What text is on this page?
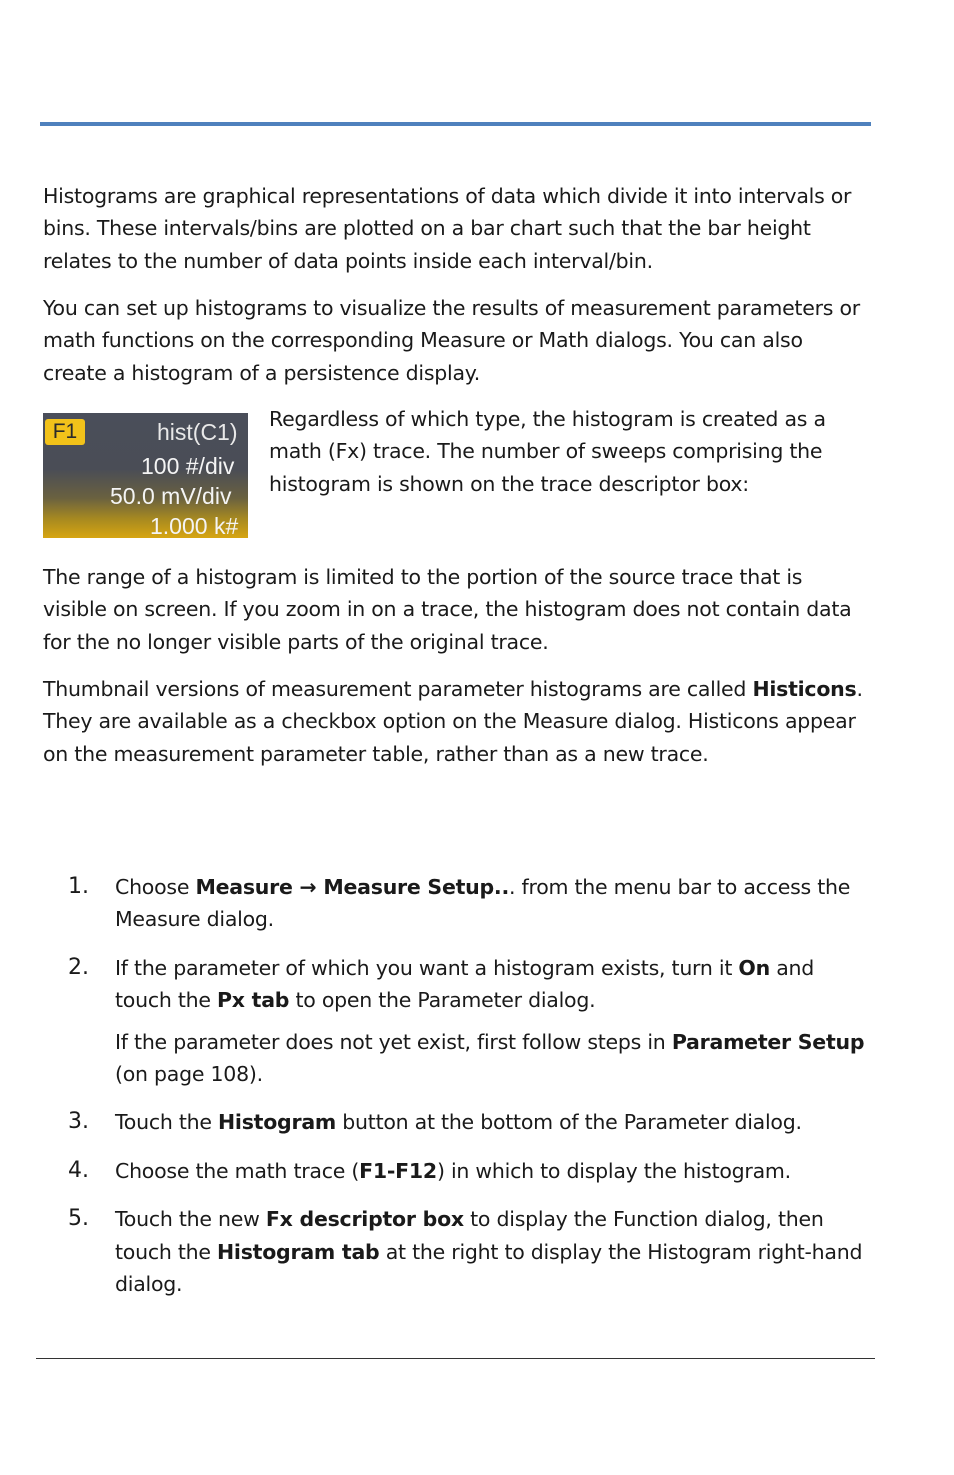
Histograms are graphical representations of data which divide it into intervals or bins. These intervals/bins are plotted on a bar chart such that the bar height relates to the number of data points inside each interval/bin.

You can set up histograms to visualize the results of measurement parameters or math functions on the corresponding Measure or Math dialogs. You can also create a histogram of a persistence display.

F1	hist(C1)
100 #/div
50.0 mV/div
1.000 k#

Regardless of which type, the histogram is created as a math (Fx) trace. The number of sweeps comprising the histogram is shown on the trace descriptor box:

The range of a histogram is limited to the portion of the source trace that is visible on screen. If you zoom in on a trace, the histogram does not contain data for the no longer visible parts of the original trace.

Thumbnail versions of measurement parameter histograms are called Histicons. They are available as a checkbox option on the Measure dialog. Histicons appear on the measurement parameter table, rather than as a new trace.

1. Choose Measure → Measure Setup... from the menu bar to access the Measure dialog.

2. If the parameter of which you want a histogram exists, turn it On and touch the Px tab to open the Parameter dialog.

If the parameter does not yet exist, first follow steps in Parameter Setup (on page 108).

3. Touch the Histogram button at the bottom of the Parameter dialog.

4. Choose the math trace (F1-F12) in which to display the histogram.

5. Touch the new Fx descriptor box to display the Function dialog, then touch the Histogram tab at the right to display the Histogram right-hand dialog.
